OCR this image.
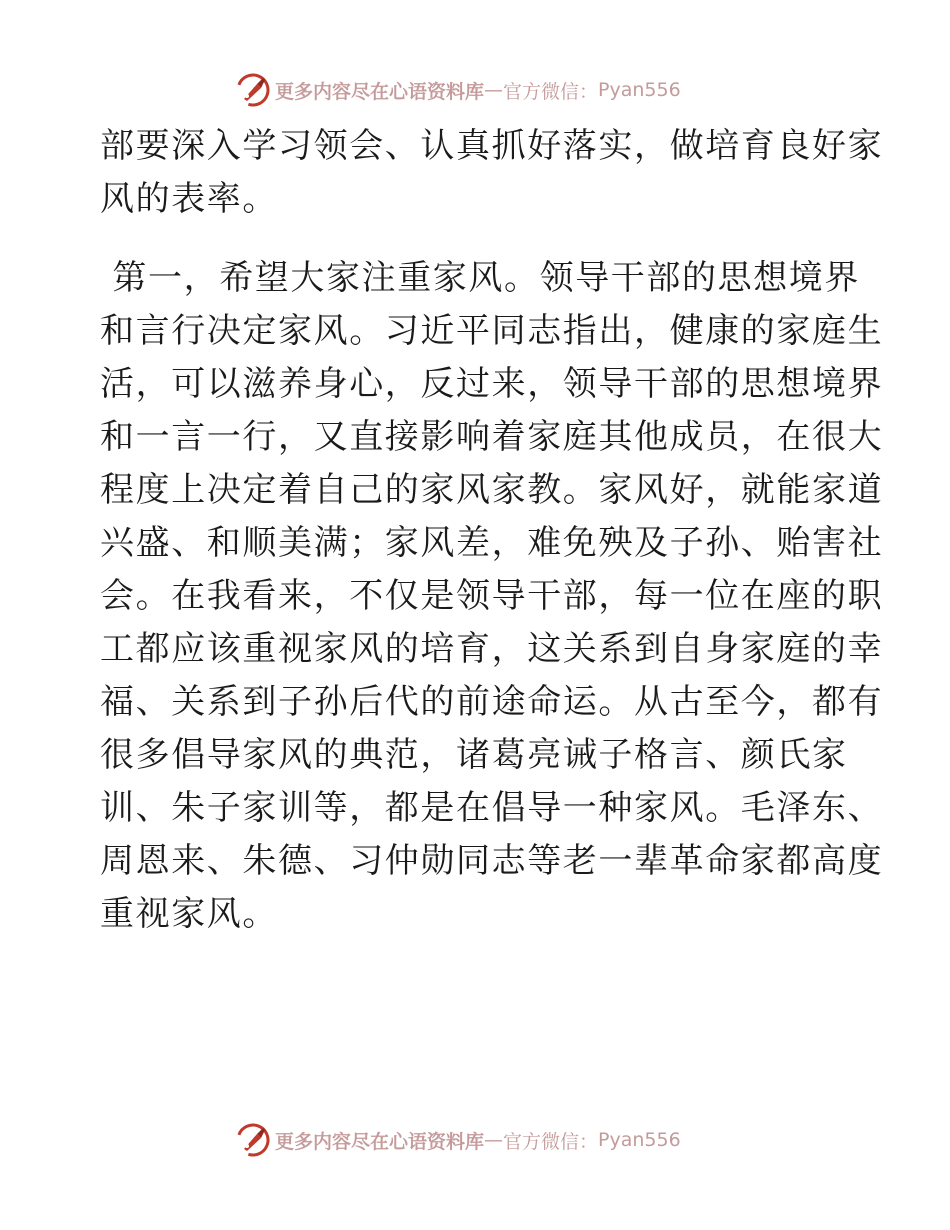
更多内容尽在心语资料库 — 官方微信： Pyan556

部要深入学习领会、认真抓好落实，做培育良好家
风的表率。

第一，希望大家注重家风。领导干部的思想境界
和言行决定家风。习近平同志指出，健康的家庭生
活，可以滋养身心，反过来，领导干部的思想境界
和一言一行，又直接影响着家庭其他成员，在很大
程度上决定着自己的家风家教。家风好，就能家道
兴盛、和顺美满；家风差，难免殃及子孙、贻害社
会。在我看来，不仅是领导干部，每一位在座的职
工都应该重视家风的培育，这关系到自身家庭的幸
福、关系到子孙后代的前途命运。从古至今，都有
很多倡导家风的典范，诸葛亮诫子格言、颜氏家
训、朱子家训等，都是在倡导一种家风。毛泽东、
周恩来、朱德、习仲勋同志等老一辈革命家都高度
重视家风。

更多内容尽在心语资料库 — 官方微信： Pyan556
